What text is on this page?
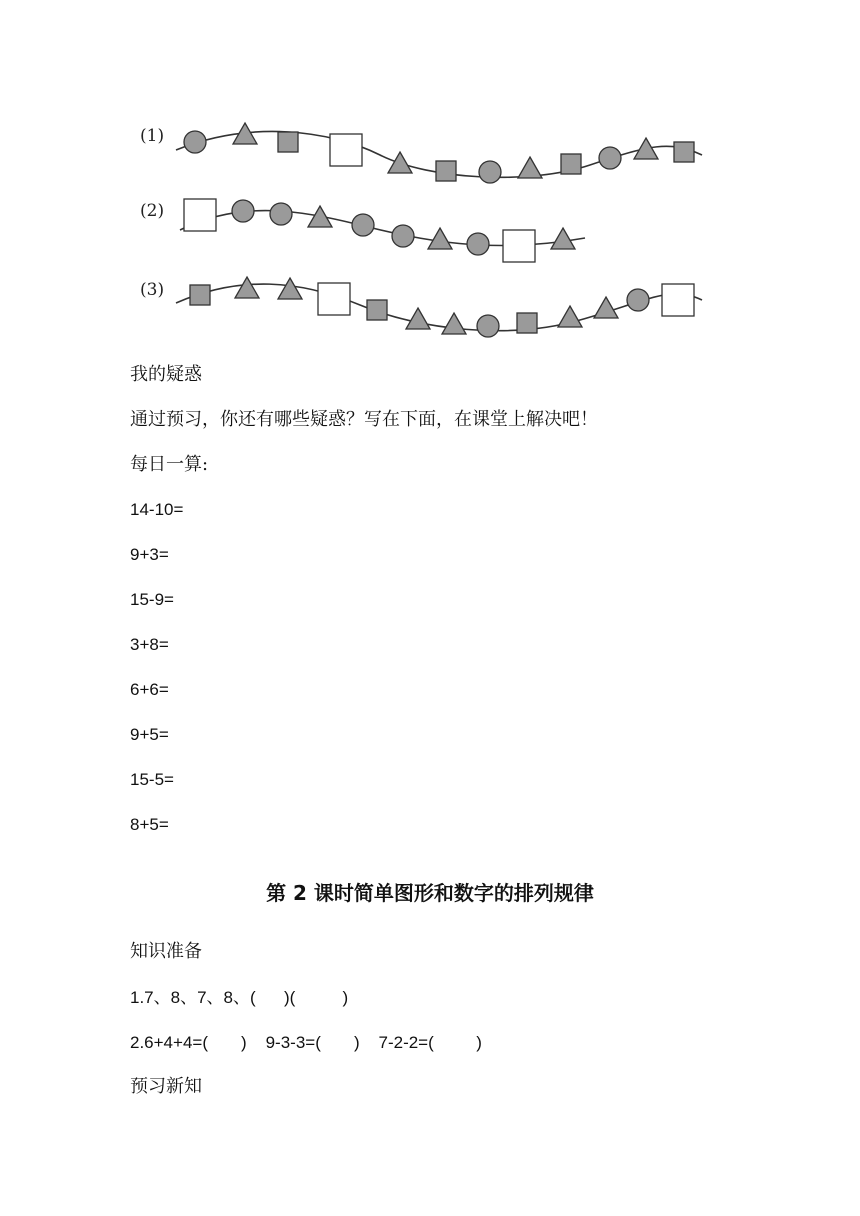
(1)
(2)
(3)
我的疑惑
通过预习，你还有哪些疑惑？写在下面，在课堂上解决吧！
每日一算:
14-10=
9+3=
15-9=
3+8=
6+6=
9+5=
15-5=
8+5=
第 2 课时简单图形和数字的排列规律
知识准备
1.7、8、7、8、(      )(          )
2.6+4+4=(       )    9-3-3=(       )    7-2-2=(         )
预习新知
